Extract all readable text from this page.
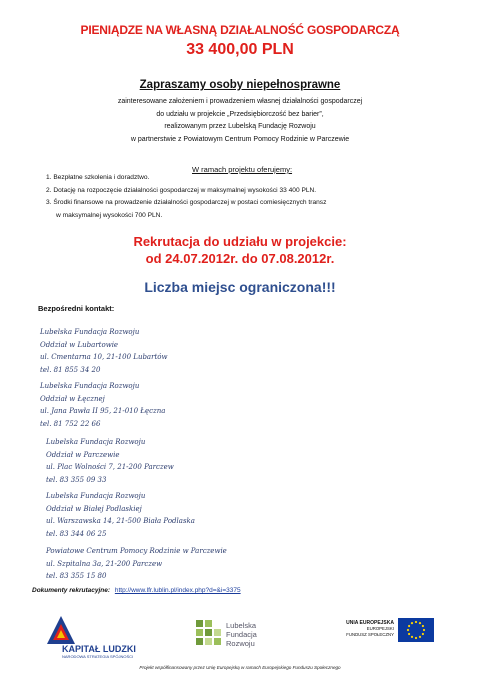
PIENIĄDZE NA WŁASNĄ DZIAŁALNOŚĆ GOSPODARCZĄ
33 400,00 PLN
Zapraszamy osoby niepełnosprawne
zainteresowane założeniem i prowadzeniem własnej działalności gospodarczej
do udziału w projekcie „Przedsiębiorczość bez barier”,
realizowanym przez Lubelską Fundację Rozwoju
w partnerstwie z Powiatowym Centrum Pomocy Rodzinie w Parczewie
W ramach projektu oferujemy:
1. Bezpłatne szkolenia i doradztwo.
2. Dotację na rozpoczęcie działalności gospodarczej w maksymalnej wysokości 33 400 PLN.
3. Środki finansowe na prowadzenie działalności gospodarczej w postaci comiesięcznych transz
w maksymalnej wysokości 700 PLN.
Rekrutacja do udziału w projekcie:
od 24.07.2012r. do 07.08.2012r.
Liczba miejsc ograniczona!!!
Bezpośredni kontakt:
Lubelska Fundacja Rozwoju
Oddział w Lubartowie
ul. Cmentarna 10, 21-100 Lubartów
tel. 81 855 34 20
Lubelska Fundacja Rozwoju
Oddział w Łęcznej
ul. Jana Pawła II 95, 21-010 Łęczna
tel. 81 752 22 66
Lubelska Fundacja Rozwoju
Oddział w Parczewie
ul. Plac Wolności 7, 21-200 Parczew
tel. 83 355 09 33
Lubelska Fundacja Rozwoju
Oddział w Białej Podlaskiej
ul. Warszawska 14, 21-500 Biała Podlaska
tel. 83 344 06 25
Powiatowe Centrum Pomocy Rodzinie w Parczewie
ul. Szpitalna 3a, 21-200 Parczew
tel. 83 355 15 80
Dokumenty rekrutacyjne: http://www.lfr.lublin.pl/index.php?d=&i=3375
KAPITAŁ LUDZKI
NARODOWA STRATEGIA SPÓJNOŚCI
Lubelska
Fundacja
Rozwoju
UNIA EUROPEJSKA
EUROPEJSKI
FUNDUSZ SPOŁECZNY
Projekt współfinansowany przez Unię Europejską w ramach Europejskiego Funduszu Społecznego
